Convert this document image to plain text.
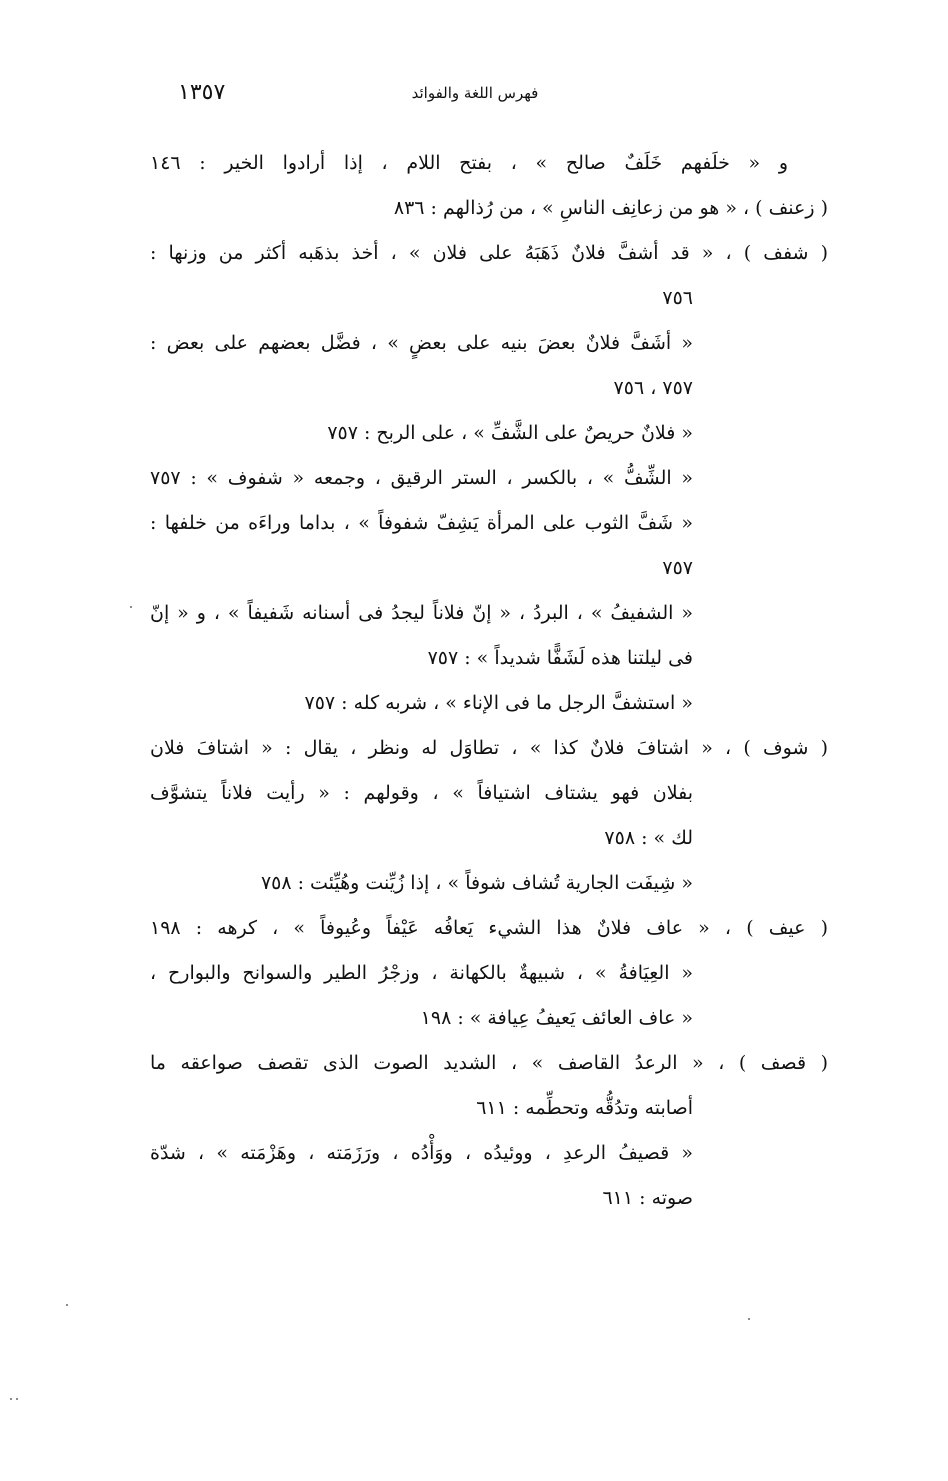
فهرس اللغة والفوائد
١٣٥٧
و « خلَفهم خَلَفٌ صالح » ، بفتح اللام ، إذا أرادوا الخير : ١٤٦
( زعنف ) ، « هو من زعانِف الناسِ » ، من رُذالهم : ٨٣٦
( شفف ) ، « قد أشفَّ فلانٌ ذَهَبَهُ على فلان » ، أخذ بذهَبه أكثر من وزنها :
٧٥٦
« أشَفَّ فلانٌ بعضَ بنيه على بعضٍ » ، فضَّل بعضهم على بعض :
٧٥٧ ، ٧٥٦
« فلانٌ حريصٌ على الشَّفِّ » ، على الربح : ٧٥٧
« الشِّفُّ » ، بالكسر ، الستر الرقيق ، وجمعه « شفوف » : ٧٥٧
« شَفَّ الثوب على المرأة يَشِفّ شفوفاً » ، بداما وراءَه من خلفها :
٧٥٧
« الشفيفُ » ، البردُ ، « إنّ فلاناً ليجدُ فى أسنانه شَفيفاً » ، و « إنّ
فى ليلتنا هذه لَشَفًّا شديداً » : ٧٥٧
« استشفَّ الرجل ما فى الإناء » ، شربه كله : ٧٥٧
( شوف ) ، « اشتافَ فلانٌ كذا » ، تطاوَل له ونظر ، يقال : « اشتافَ فلان
بفلان فهو يشتاف اشتيافاً » ، وقولهم : « رأيت فلاناً يتشوَّف
لك » : ٧٥٨
« شِيفَت الجارية تُشاف شوفاً » ، إذا زُيِّنت وهُيِّئت : ٧٥٨
( عيف ) ، « عاف فلانٌ هذا الشيء يَعافُه عَيْفاً وعُيوفاً » ، كرهه : ١٩٨
« العِيَافةُ » ، شبيهةٌ بالكهانة ، وزجْرُ الطير والسوانح والبوارح ،
« عاف العائف يَعيفُ عِيافة » : ١٩٨
( قصف ) ، « الرعدُ القاصف » ، الشديد الصوت الذى تقصف صواعقه ما
أصابته وتدُقُّه وتحطِّمه : ٦١١
« قصيفُ الرعدِ ، ووئيدُه ، ووَأْدُه ، ورَزَمَته ، وهَزْمَته » ، شدّة
صوته : ٦١١
